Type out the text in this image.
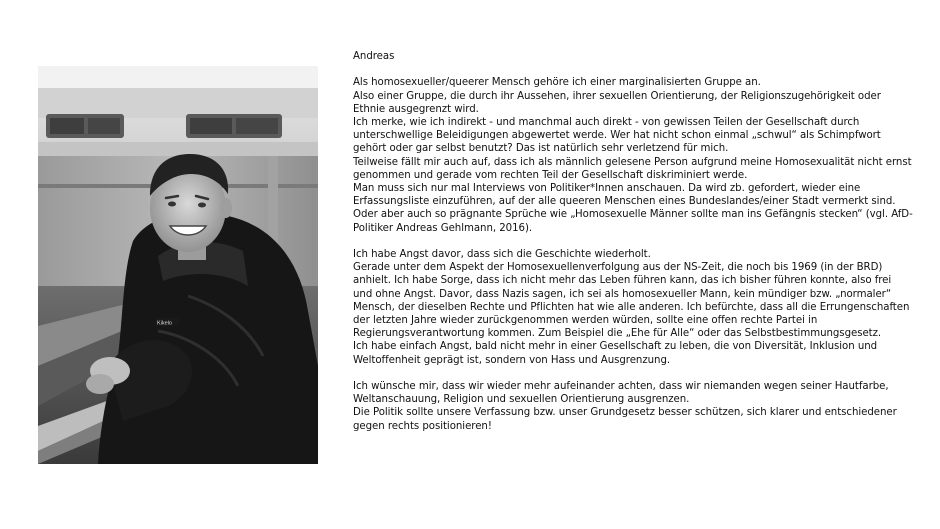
Kikelo

Andreas

Als homosexueller/queerer Mensch gehöre ich einer marginalisierten Gruppe an.
Also einer Gruppe, die durch ihr Aussehen, ihrer sexuellen Orientierung, der Religionszugehörigkeit oder Ethnie ausgegrenzt wird.
Ich merke, wie ich indirekt - und manchmal auch direkt - von gewissen Teilen der Gesellschaft durch unterschwellige Beleidigungen abgewertet werde. Wer hat nicht schon einmal „schwul“ als Schimpfwort gehört oder gar selbst benutzt? Das ist natürlich sehr verletzend für mich.
Teilweise fällt mir auch auf, dass ich als männlich gelesene Person aufgrund meine Homosexualität nicht ernst genommen und gerade vom rechten Teil der Gesellschaft diskriminiert werde.
Man muss sich nur mal Interviews von Politiker*Innen anschauen. Da wird zb. gefordert, wieder eine Erfassungsliste einzuführen, auf der alle queeren Menschen eines Bundeslandes/einer Stadt vermerkt sind. Oder aber auch so prägnante Sprüche wie „Homosexuelle Männer sollte man ins Gefängnis stecken“ (vgl. AfD-Politiker Andreas Gehlmann, 2016).

Ich habe Angst davor, dass sich die Geschichte wiederholt.
Gerade unter dem Aspekt der Homosexuellenverfolgung aus der NS-Zeit, die noch bis 1969 (in der BRD) anhielt. Ich habe Sorge, dass ich nicht mehr das Leben führen kann, das ich bisher führen konnte, also frei und ohne Angst. Davor, dass Nazis sagen, ich sei als homosexueller Mann, kein mündiger bzw. „normaler“ Mensch, der dieselben Rechte und Pflichten hat wie alle anderen. Ich befürchte, dass all die Errungenschaften der letzten Jahre wieder zurückgenommen werden würden, sollte eine offen rechte Partei in Regierungsverantwortung kommen. Zum Beispiel die „Ehe für Alle“ oder das Selbstbestimmungsgesetz.
Ich habe einfach Angst, bald nicht mehr in einer Gesellschaft zu leben, die von Diversität, Inklusion und Weltoffenheit geprägt ist, sondern von Hass und Ausgrenzung.

Ich wünsche mir, dass wir wieder mehr aufeinander achten, dass wir niemanden wegen seiner Hautfarbe, Weltanschauung, Religion und sexuellen Orientierung ausgrenzen.
Die Politik sollte unsere Verfassung bzw. unser Grundgesetz besser schützen, sich klarer und entschiedener gegen rechts positionieren!
